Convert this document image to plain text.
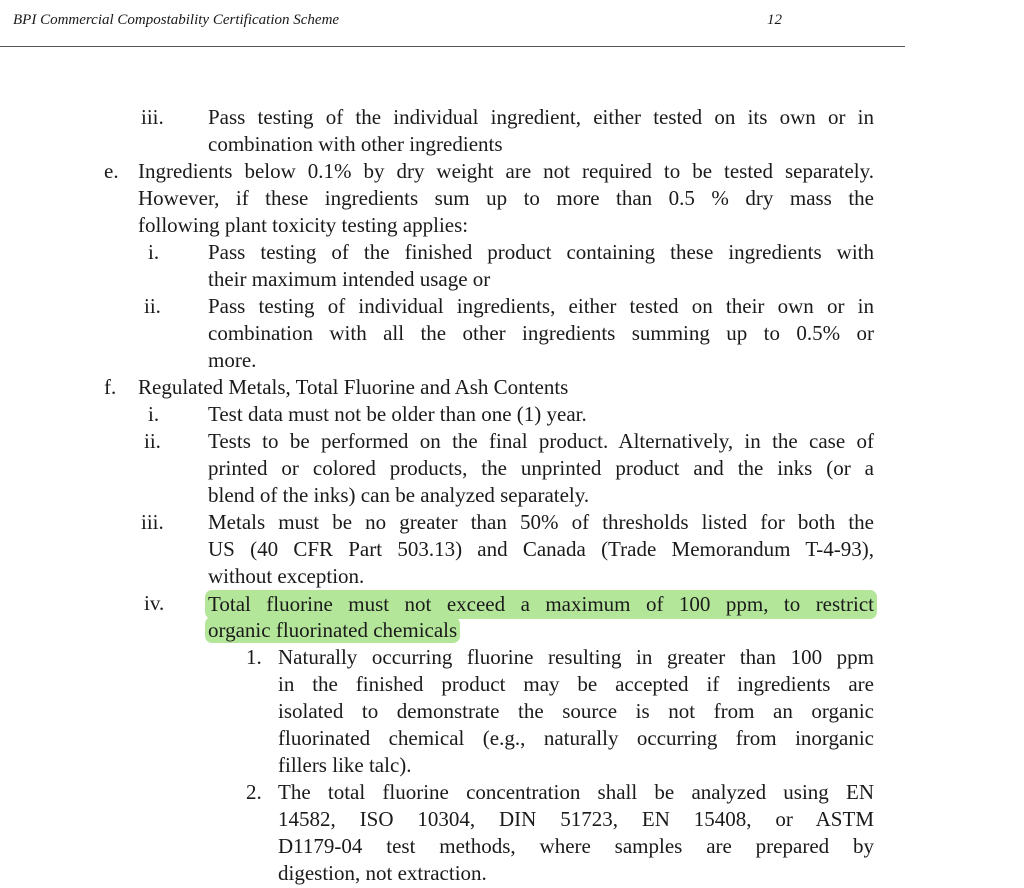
BPI Commercial Compostability Certification Scheme	12
iii. Pass testing of the individual ingredient, either tested on its own or in
combination with other ingredients
e. Ingredients below 0.1% by dry weight are not required to be tested separately.
However, if these ingredients sum up to more than 0.5 % dry mass the
following plant toxicity testing applies:
i. Pass testing of the finished product containing these ingredients with
their maximum intended usage or
ii. Pass testing of individual ingredients, either tested on their own or in
combination with all the other ingredients summing up to 0.5% or
more.
f. Regulated Metals, Total Fluorine and Ash Contents
i. Test data must not be older than one (1) year.
ii. Tests to be performed on the final product. Alternatively, in the case of
printed or colored products, the unprinted product and the inks (or a
blend of the inks) can be analyzed separately.
iii. Metals must be no greater than 50% of thresholds listed for both the
US (40 CFR Part 503.13) and Canada (Trade Memorandum T-4-93),
without exception.
iv. Total fluorine must not exceed a maximum of 100 ppm, to restrict
organic fluorinated chemicals
1. Naturally occurring fluorine resulting in greater than 100 ppm
in the finished product may be accepted if ingredients are
isolated to demonstrate the source is not from an organic
fluorinated chemical (e.g., naturally occurring from inorganic
fillers like talc).
2. The total fluorine concentration shall be analyzed using EN
14582, ISO 10304, DIN 51723, EN 15408, or ASTM
D1179-04 test methods, where samples are prepared by
digestion, not extraction.
